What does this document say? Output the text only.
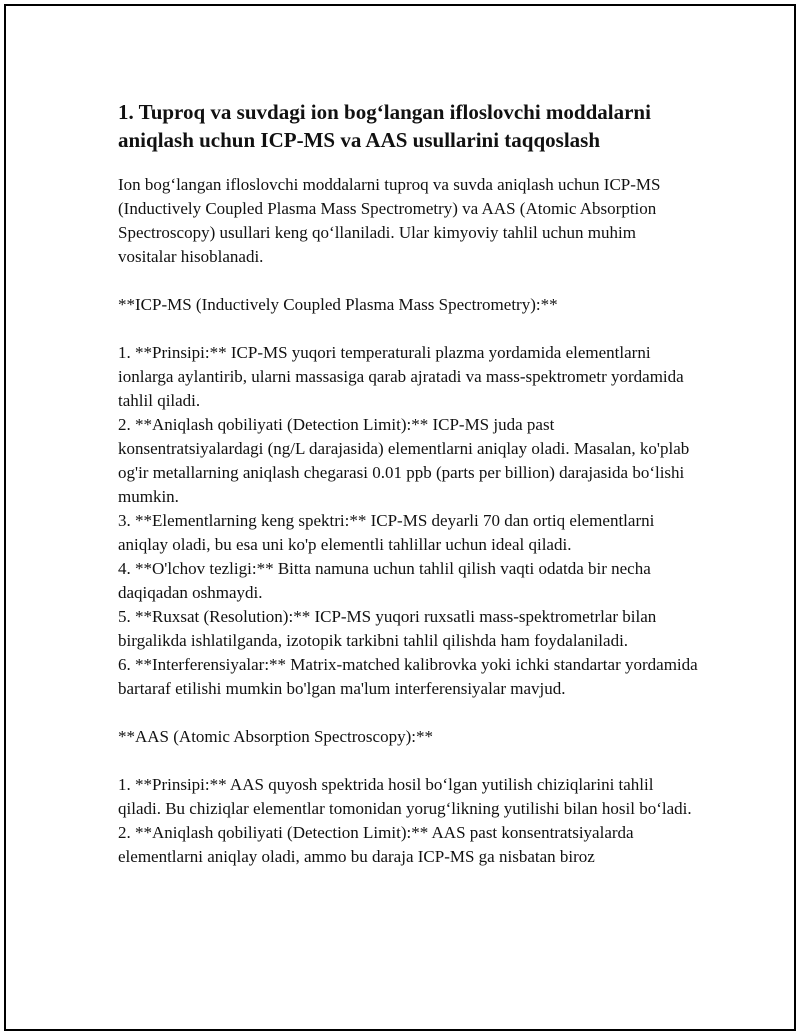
1. Tuproq va suvdagi ion bog‘langan ifloslovchi moddalarni aniqlash uchun ICP-MS va AAS usullarini taqqoslash

Ion bog‘langan ifloslovchi moddalarni tuproq va suvda aniqlash uchun ICP-MS (Inductively Coupled Plasma Mass Spectrometry) va AAS (Atomic Absorption Spectroscopy) usullari keng qo‘llaniladi. Ular kimyoviy tahlil uchun muhim vositalar hisoblanadi.

**ICP-MS (Inductively Coupled Plasma Mass Spectrometry):**

1. **Prinsipi:** ICP-MS yuqori temperaturali plazma yordamida elementlarni ionlarga aylantirib, ularni massasiga qarab ajratadi va mass-spektrometr yordamida tahlil qiladi.

2. **Aniqlash qobiliyati (Detection Limit):** ICP-MS juda past konsentratsiyalardagi (ng/L darajasida) elementlarni aniqlay oladi. Masalan, ko'plab og'ir metallarning aniqlash chegarasi 0.01 ppb (parts per billion) darajasida bo‘lishi mumkin.

3. **Elementlarning keng spektri:** ICP-MS deyarli 70 dan ortiq elementlarni aniqlay oladi, bu esa uni ko'p elementli tahlillar uchun ideal qiladi.

4. **O'lchov tezligi:** Bitta namuna uchun tahlil qilish vaqti odatda bir necha daqiqadan oshmaydi.

5. **Ruxsat (Resolution):** ICP-MS yuqori ruxsatli mass-spektrometrlar bilan birgalikda ishlatilganda, izotopik tarkibni tahlil qilishda ham foydalaniladi.

6. **Interferensiyalar:** Matrix-matched kalibrovka yoki ichki standartar yordamida bartaraf etilishi mumkin bo'lgan ma'lum interferensiyalar mavjud.

**AAS (Atomic Absorption Spectroscopy):**

1. **Prinsipi:** AAS quyosh spektrida hosil bo‘lgan yutilish chiziqlarini tahlil qiladi. Bu chiziqlar elementlar tomonidan yorug‘likning yutilishi bilan hosil bo‘ladi.

2. **Aniqlash qobiliyati (Detection Limit):** AAS past konsentratsiyalarda elementlarni aniqlay oladi, ammo bu daraja ICP-MS ga nisbatan biroz
